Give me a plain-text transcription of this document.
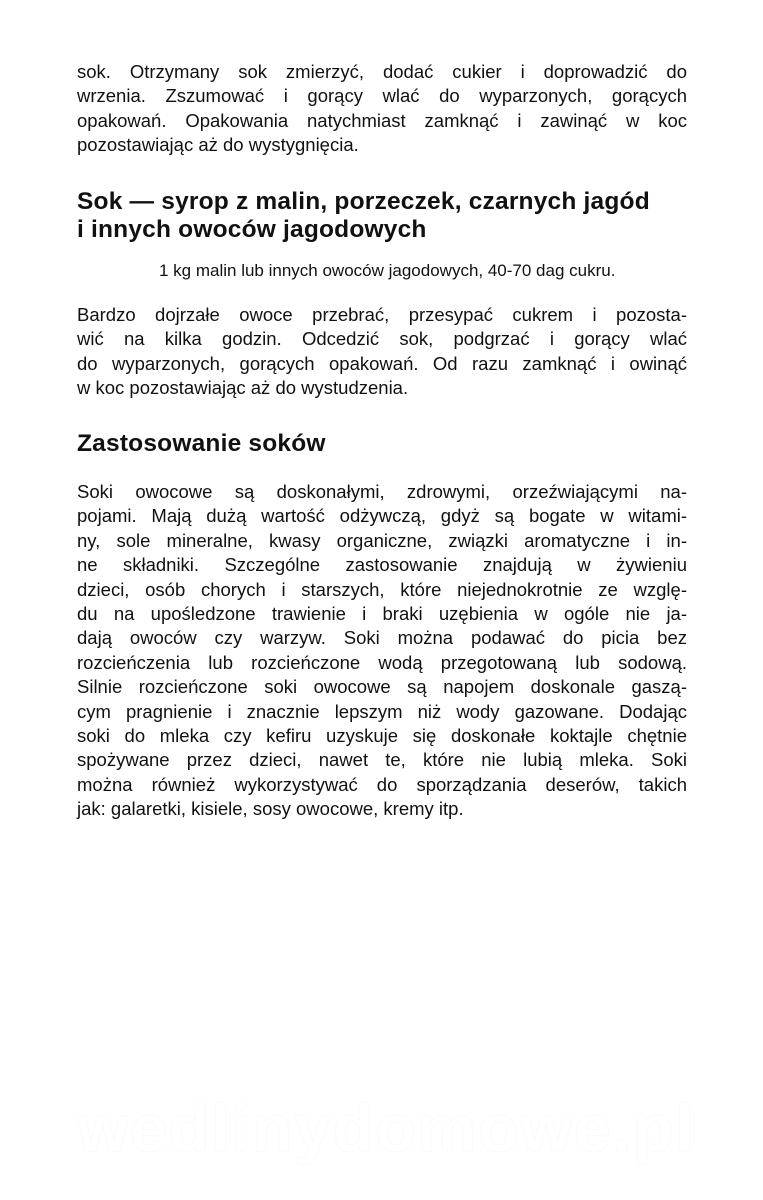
sok. Otrzymany sok zmierzyć, dodać cukier i doprowadzić do
wrzenia. Zszumować i gorący wlać do wyparzonych, gorących
opakowań. Opakowania natychmiast zamknąć i zawinąć w koc
pozostawiając aż do wystygnięcia.
Sok — syrop z malin, porzeczek, czarnych jagód
i innych owoców jagodowych

1 kg malin lub innych owoców jagodowych, 40-70 dag cukru.

Bardzo dojrzałe owoce przebrać, przesypać cukrem i pozosta-
wić na kilka godzin. Odcedzić sok, podgrzać i gorący wlać
do wyparzonych, gorących opakowań. Od razu zamknąć i owinąć
w koc pozostawiając aż do wystudzenia.
Zastosowanie soków
Soki owocowe są doskonałymi, zdrowymi, orzeźwiającymi na-
pojami. Mają dużą wartość odżywczą, gdyż są bogate w witami-
ny, sole mineralne, kwasy organiczne, związki aromatyczne i in-
ne składniki. Szczególne zastosowanie znajdują w żywieniu
dzieci, osób chorych i starszych, które niejednokrotnie ze wzglę-
du na upośledzone trawienie i braki uzębienia w ogóle nie ja-
dają owoców czy warzyw. Soki można podawać do picia bez
rozcieńczenia lub rozcieńczone wodą przegotowaną lub sodową.
Silnie rozcieńczone soki owocowe są napojem doskonale gaszą-
cym pragnienie i znacznie lepszym niż wody gazowane. Dodając
soki do mleka czy kefiru uzyskuje się doskonałe koktajle chętnie
spożywane przez dzieci, nawet te, które nie lubią mleka. Soki
można również wykorzystywać do sporządzania deserów, takich
jak: galaretki, kisiele, sosy owocowe, kremy itp.

wedlinydomowe.pl
